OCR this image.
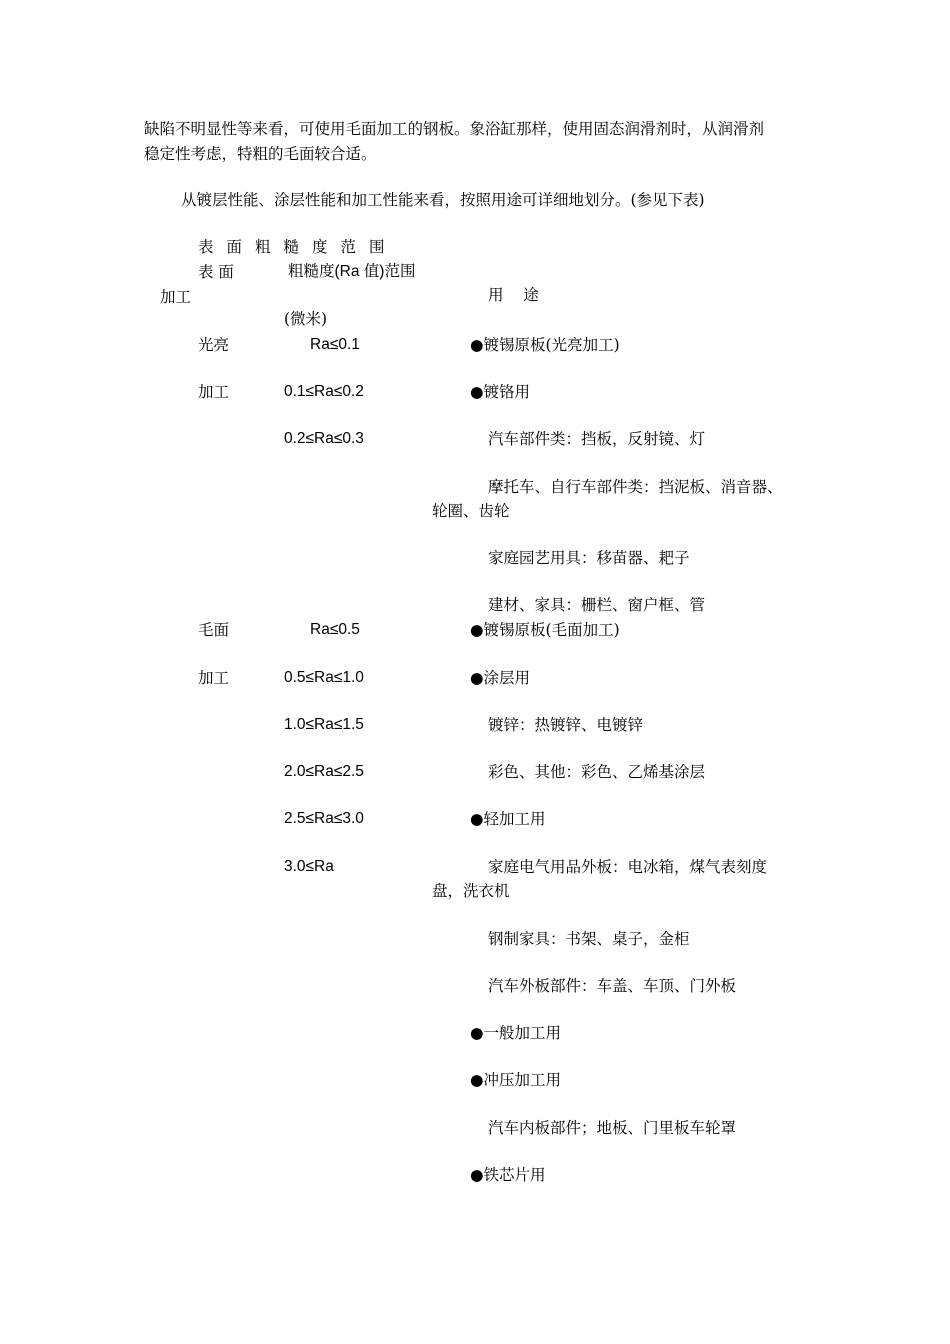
缺陷不明显性等来看，可使用毛面加工的钢板。象浴缸那样，使用固态润滑剂时，从润滑剂
稳定性考虑，特粗的毛面较合适。
从镀层性能、涂层性能和加工性能来看，按照用途可详细地划分。(参见下表)
表面粗糙度范围
表 面
加工
粗糙度(Ra 值)范围
(微米)
用    途
光亮
加工
Ra≤0.1
0.1≤Ra≤0.2
0.2≤Ra≤0.3
●镀锡原板(光亮加工)
●镀铬用
汽车部件类：挡板，反射镜、灯
摩托车、自行车部件类：挡泥板、消音器、
轮圈、齿轮
家庭园艺用具：移苗器、耙子
建材、家具：栅栏、窗户框、管
毛面
加工
Ra≤0.5
0.5≤Ra≤1.0
1.0≤Ra≤1.5
2.0≤Ra≤2.5
2.5≤Ra≤3.0
3.0≤Ra
●镀锡原板(毛面加工)
●涂层用
镀锌：热镀锌、电镀锌
彩色、其他：彩色、乙烯基涂层
●轻加工用
家庭电气用品外板：电冰箱，煤气表刻度
盘，洗衣机
钢制家具：书架、桌子，金柜
汽车外板部件：车盖、车顶、门外板
●一般加工用
●冲压加工用
汽车内板部件；地板、门里板车轮罩
●铁芯片用
